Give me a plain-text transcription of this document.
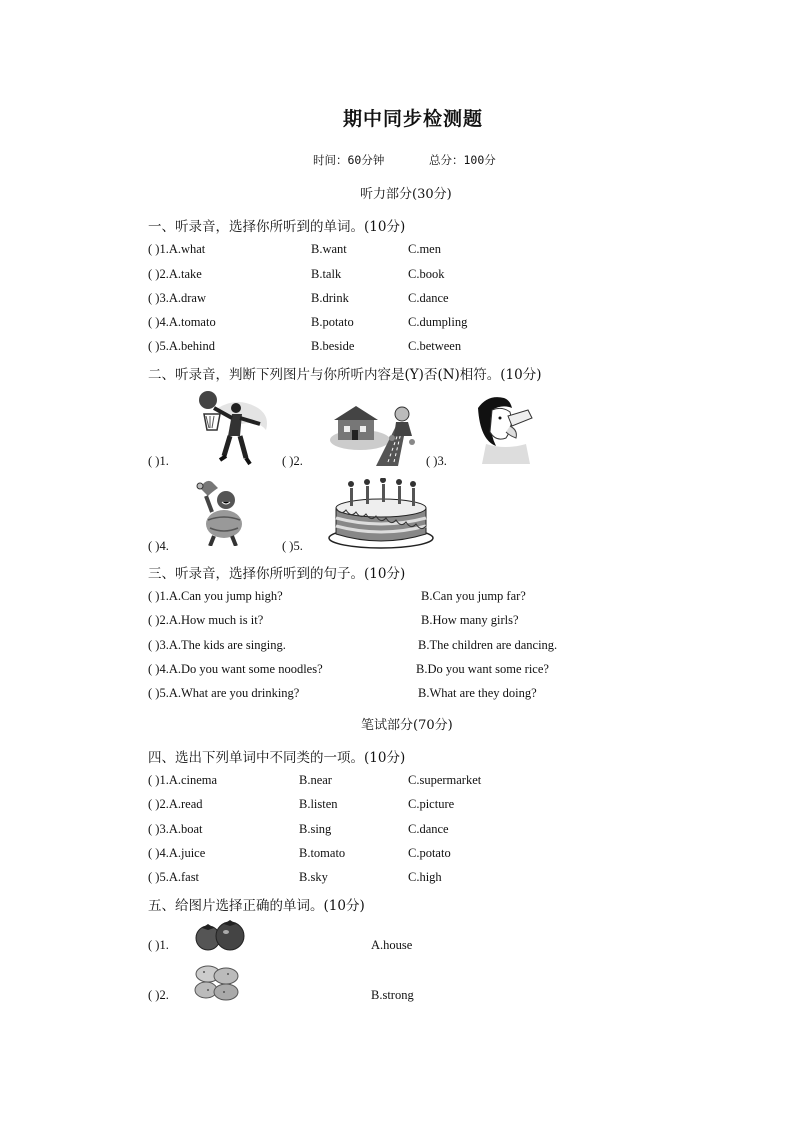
期中同步检测题
时间：60分钟	总分：100分
听力部分(30分)
一、听录音，选择你所听到的单词。(10分)
( )1.A.what	B.want	C.men
( )2.A.take	B.talk	C.book
( )3.A.draw	B.drink	C.dance
( )4.A.tomato	B.potato	C.dumpling
( )5.A.behind	B.beside	C.between
二、听录音，判断下列图片与你所听内容是(Y)否(N)相符。(10分)
( )1.	( )2.	( )3.
( )4.	( )5.
三、听录音，选择你所听到的句子。(10分)
( )1.A.Can you jump high?	B.Can you jump far?
( )2.A.How much is it?	B.How many girls?
( )3.A.The kids are singing.	B.The children are dancing.
( )4.A.Do you want some noodles?	B.Do you want some rice?
( )5.A.What are you drinking?	B.What are they doing?
笔试部分(70分)
四、选出下列单词中不同类的一项。(10分)
( )1.A.cinema	B.near	C.supermarket
( )2.A.read	B.listen	C.picture
( )3.A.boat	B.sing	C.dance
( )4.A.juice	B.tomato	C.potato
( )5.A.fast	B.sky	C.high
五、给图片选择正确的单词。(10分)
( )1.	A.house
( )2.	B.strong
